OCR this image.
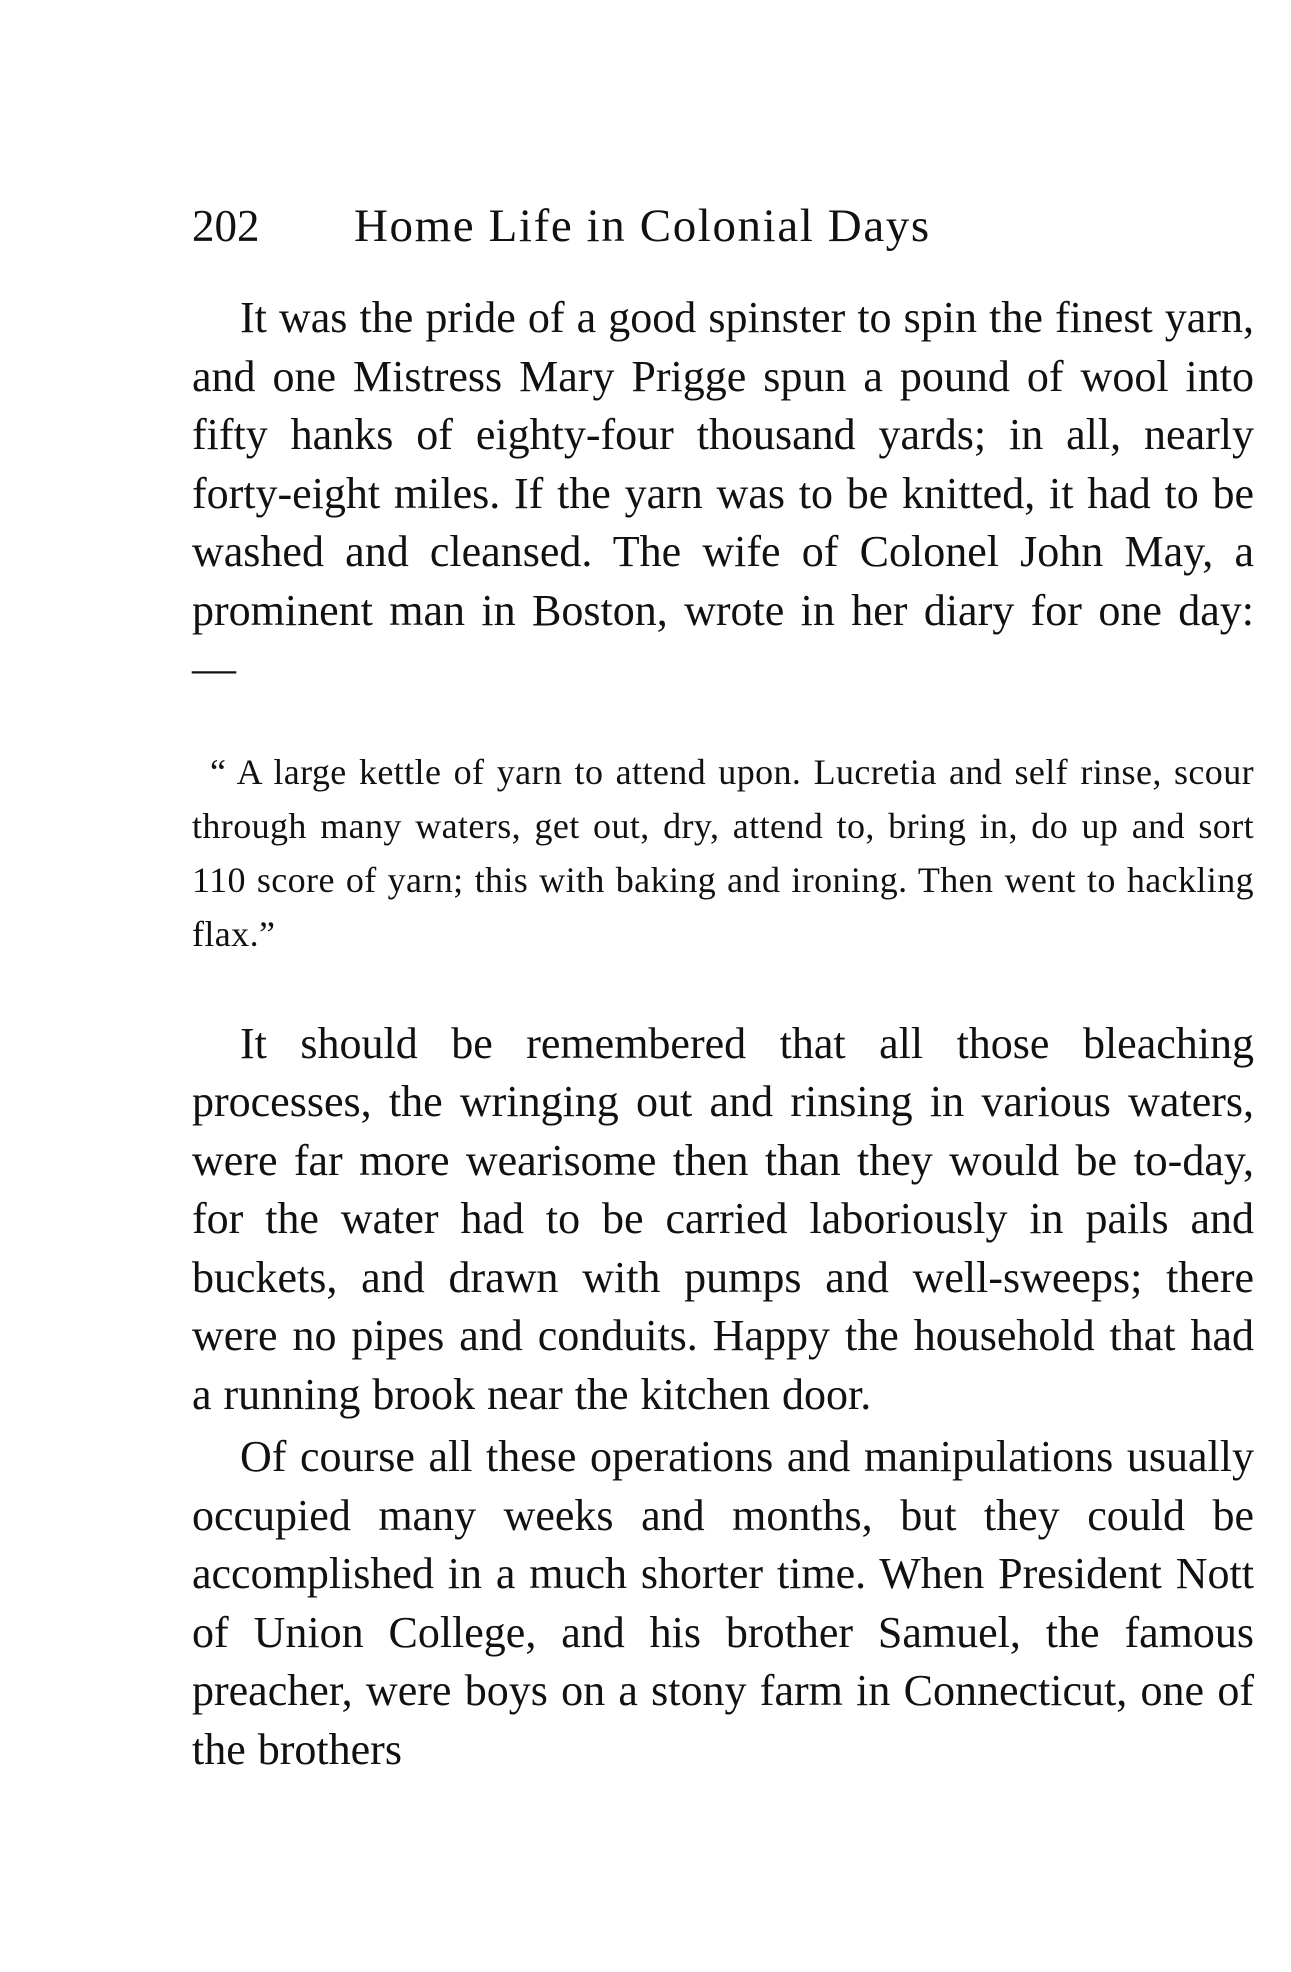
202	Home Life in Colonial Days

It was the pride of a good spinster to spin the finest yarn, and one Mistress Mary Prigge spun a pound of wool into fifty hanks of eighty-four thousand yards; in all, nearly forty-eight miles. If the yarn was to be knitted, it had to be washed and cleansed. The wife of Colonel John May, a prominent man in Boston, wrote in her diary for one day: —

“ A large kettle of yarn to attend upon. Lucretia and self rinse, scour through many waters, get out, dry, attend to, bring in, do up and sort 110 score of yarn; this with baking and ironing. Then went to hackling flax.”

It should be remembered that all those bleaching processes, the wringing out and rinsing in various waters, were far more wearisome then than they would be to-day, for the water had to be carried laboriously in pails and buckets, and drawn with pumps and well-sweeps; there were no pipes and conduits. Happy the household that had a running brook near the kitchen door.

Of course all these operations and manipulations usually occupied many weeks and months, but they could be accomplished in a much shorter time. When President Nott of Union College, and his brother Samuel, the famous preacher, were boys on a stony farm in Connecticut, one of the brothers
